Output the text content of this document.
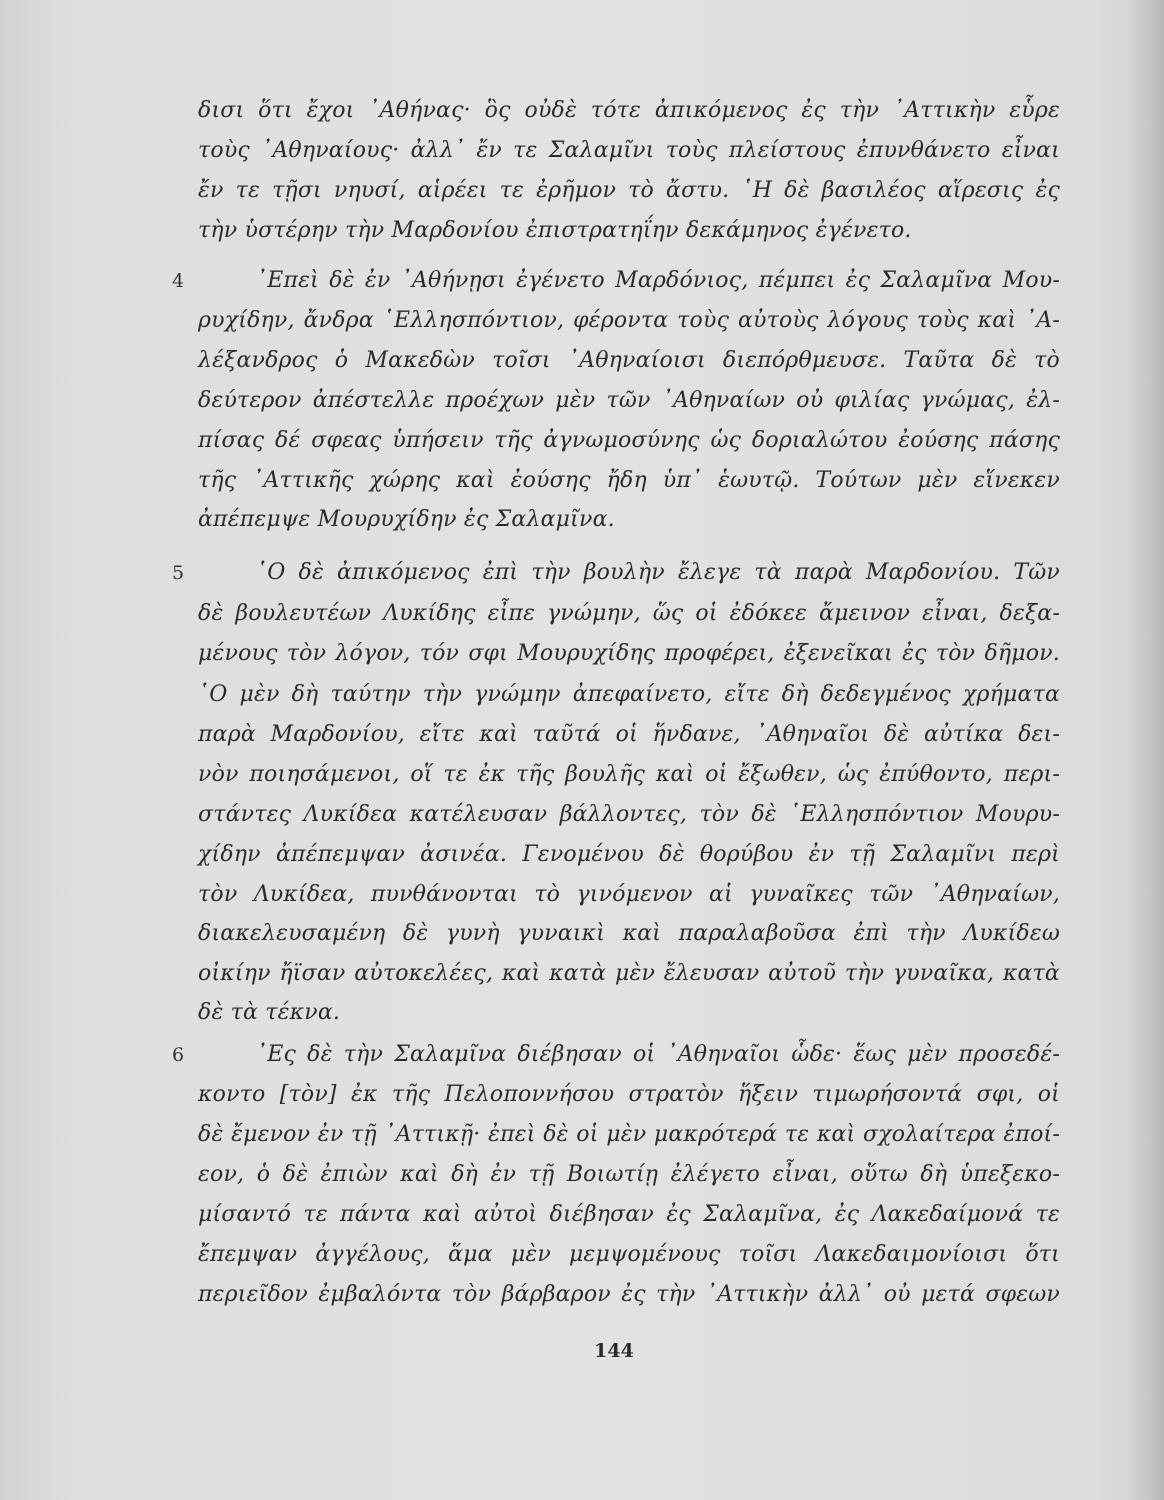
δισι ὅτι ἔχοι ᾿Αθήνας· ὃς οὐδὲ τότε ἀπικόμενος ἐς τὴν ᾿Αττικὴν εὗρε
τοὺς ᾿Αθηναίους· ἀλλ᾿ ἔν τε Σαλαμῖνι τοὺς πλείστους ἐπυνθάνετο εἶναι
ἔν τε τῇσι νηυσί, αἱρέει τε ἐρῆμον τὸ ἄστυ. ῾Η δὲ βασιλέος αἵρεσις ἐς
τὴν ὑστέρην τὴν Μαρδονίου ἐπιστρατηΐην δεκάμηνος ἐγένετο.
4	᾿Επεὶ δὲ ἐν ᾿Αθήνῃσι ἐγένετο Μαρδόνιος, πέμπει ἐς Σαλαμῖνα Μου-
ρυχίδην, ἄνδρα ῾Ελλησπόντιον, φέροντα τοὺς αὐτοὺς λόγους τοὺς καὶ ᾿Α-
λέξανδρος ὁ Μακεδὼν τοῖσι ᾿Αθηναίοισι διεπόρθμευσε. Ταῦτα δὲ τὸ
δεύτερον ἀπέστελλε προέχων μὲν τῶν ᾿Αθηναίων οὐ φιλίας γνώμας, ἐλ-
πίσας δέ σφεας ὑπήσειν τῆς ἀγνωμοσύνης ὡς δοριαλώτου ἐούσης πάσης
τῆς ᾿Αττικῆς χώρης καὶ ἐούσης ἤδη ὑπ᾿ ἑωυτῷ. Τούτων μὲν εἵνεκεν
ἀπέπεμψε Μουρυχίδην ἐς Σαλαμῖνα.
5	῾Ο δὲ ἀπικόμενος ἐπὶ τὴν βουλὴν ἔλεγε τὰ παρὰ Μαρδονίου. Τῶν
δὲ βουλευτέων Λυκίδης εἶπε γνώμην, ὥς οἱ ἐδόκεε ἄμεινον εἶναι, δεξα-
μένους τὸν λόγον, τόν σφι Μουρυχίδης προφέρει, ἐξενεῖκαι ἐς τὸν δῆμον.
῾Ο μὲν δὴ ταύτην τὴν γνώμην ἀπεφαίνετο, εἴτε δὴ δεδεγμένος χρήματα
παρὰ Μαρδονίου, εἴτε καὶ ταῦτά οἱ ἥνδανε, ᾿Αθηναῖοι δὲ αὐτίκα δει-
νὸν ποιησάμενοι, οἵ τε ἐκ τῆς βουλῆς καὶ οἱ ἔξωθεν, ὡς ἐπύθοντο, περι-
στάντες Λυκίδεα κατέλευσαν βάλλοντες, τὸν δὲ ῾Ελλησπόντιον Μουρυ-
χίδην ἀπέπεμψαν ἀσινέα. Γενομένου δὲ θορύβου ἐν τῇ Σαλαμῖνι περὶ
τὸν Λυκίδεα, πυνθάνονται τὸ γινόμενον αἱ γυναῖκες τῶν ᾿Αθηναίων,
διακελευσαμένη δὲ γυνὴ γυναικὶ καὶ παραλαβοῦσα ἐπὶ τὴν Λυκίδεω
οἰκίην ἤϊσαν αὐτοκελέες, καὶ κατὰ μὲν ἔλευσαν αὐτοῦ τὴν γυναῖκα, κατὰ
δὲ τὰ τέκνα.
6	᾿Ες δὲ τὴν Σαλαμῖνα διέβησαν οἱ ᾿Αθηναῖοι ὧδε· ἕως μὲν προσεδέ-
κοντο [τὸν] ἐκ τῆς Πελοποννήσου στρατὸν ἥξειν τιμωρήσοντά σφι, οἱ
δὲ ἔμενον ἐν τῇ ᾿Αττικῇ· ἐπεὶ δὲ οἱ μὲν μακρότερά τε καὶ σχολαίτερα ἐποί-
εον, ὁ δὲ ἐπιὼν καὶ δὴ ἐν τῇ Βοιωτίῃ ἐλέγετο εἶναι, οὕτω δὴ ὑπεξεκο-
μίσαντό τε πάντα καὶ αὐτοὶ διέβησαν ἐς Σαλαμῖνα, ἐς Λακεδαίμονά τε
ἔπεμψαν ἀγγέλους, ἅμα μὲν μεμψομένους τοῖσι Λακεδαιμονίοισι ὅτι
περιεῖδον ἐμβαλόντα τὸν βάρβαρον ἐς τὴν ᾿Αττικὴν ἀλλ᾿ οὐ μετά σφεων
144
